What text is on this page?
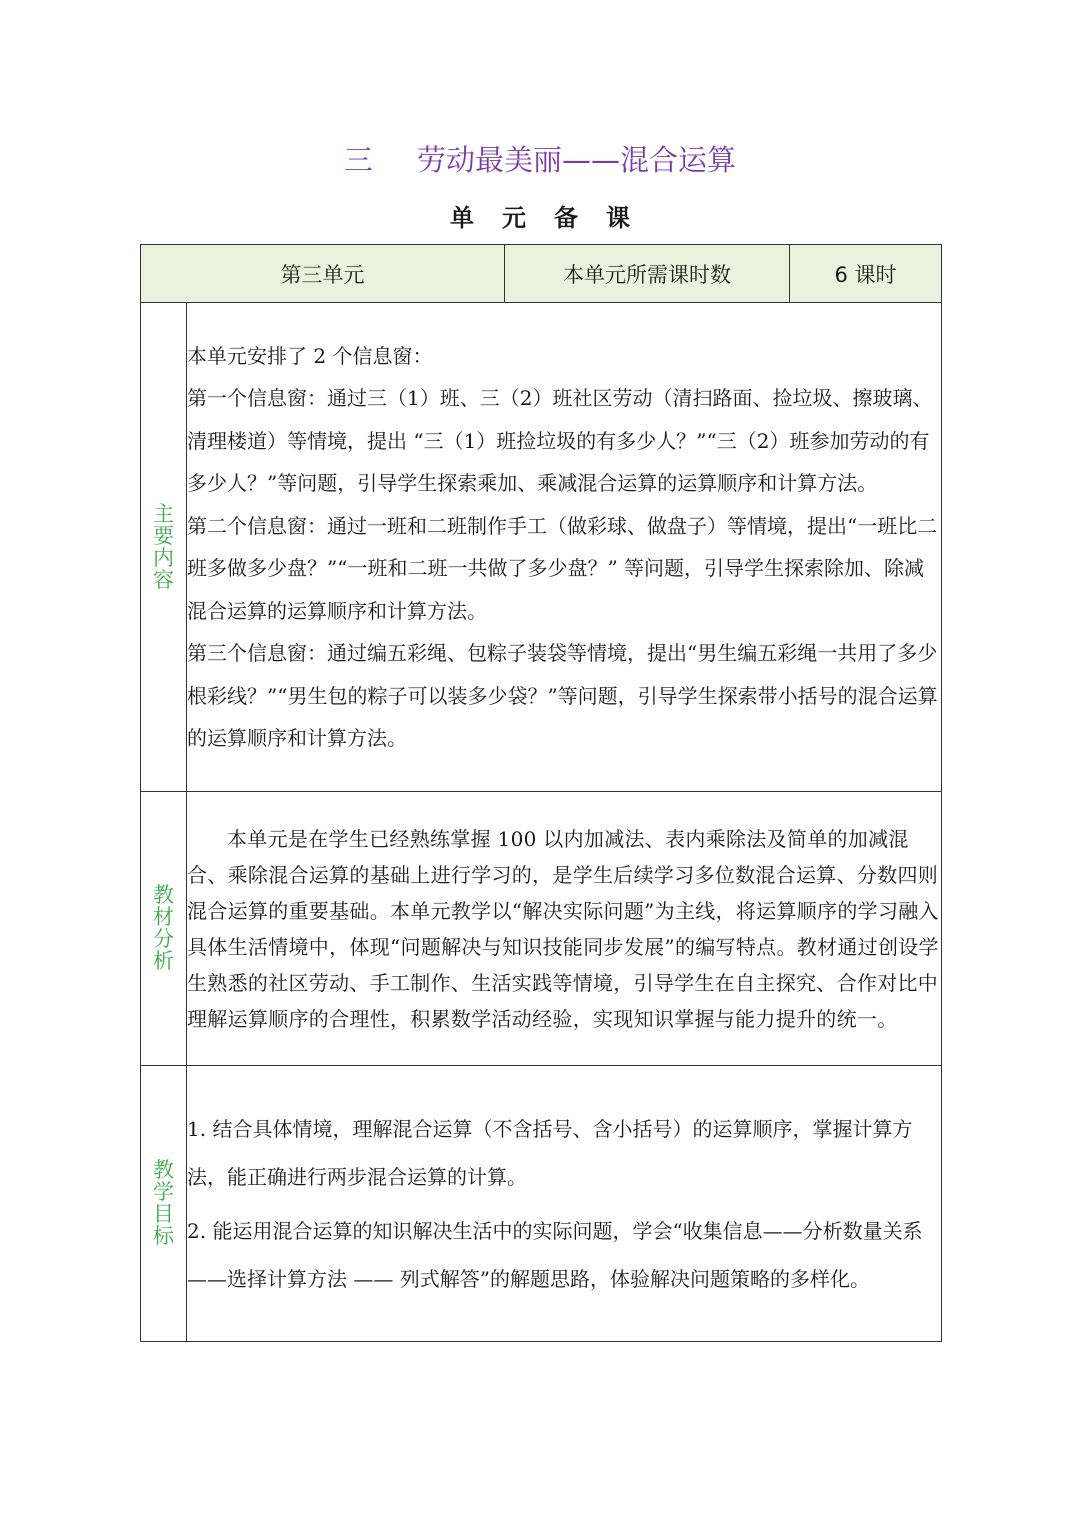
三 劳动最美丽——混合运算
单元备课
第三单元		本单元所需课时数	6 课时
主要内容	本单元安排了 2 个信息窗：

第一个信息窗：通过三（1）班、三（2）班社区劳动（清扫路面、捡垃圾、擦玻璃、清理楼道）等情境，提出 “三（1）班捡垃圾的有多少人？”“三（2）班参加劳动的有多少人？”等问题，引导学生探索乘加、乘减混合运算的运算顺序和计算方法。

第二个信息窗：通过一班和二班制作手工（做彩球、做盘子）等情境，提出“一班比二班多做多少盘？”“一班和二班一共做了多少盘？” 等问题，引导学生探索除加、除减混合运算的运算顺序和计算方法。

第三个信息窗：通过编五彩绳、包粽子装袋等情境，提出“男生编五彩绳一共用了多少根彩线？”“男生包的粽子可以装多少袋？”等问题，引导学生探索带小括号的混合运算的运算顺序和计算方法。		

教材分析	本单元是在学生已经熟练掌握 100 以内加减法、表内乘除法及简单的加减混合、乘除混合运算的基础上进行学习的，是学生后续学习多位数混合运算、分数四则混合运算的重要基础。本单元教学以“解决实际问题”为主线，将运算顺序的学习融入具体生活情境中，体现“问题解决与知识技能同步发展”的编写特点。教材通过创设学生熟悉的社区劳动、手工制作、生活实践等情境，引导学生在自主探究、合作对比中理解运算顺序的合理性，积累数学活动经验，实现知识掌握与能力提升的统一。		

教学目标	1. 结合具体情境，理解混合运算（不含括号、含小括号）的运算顺序，掌握计算方法，能正确进行两步混合运算的计算。

2. 能运用混合运算的知识解决生活中的实际问题，学会“收集信息——分析数量关系——选择计算方法 —— 列式解答”的解题思路，体验解决问题策略的多样化。		
